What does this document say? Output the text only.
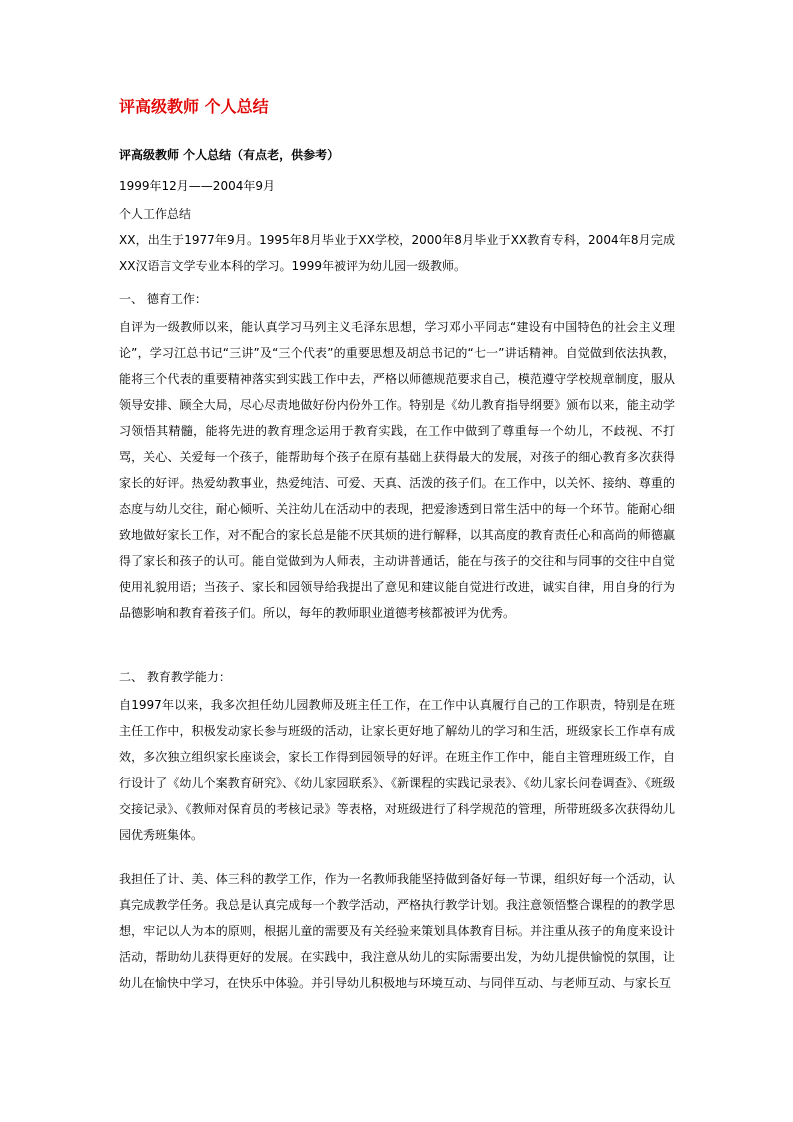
评高级教师 个人总结
评高级教师 个人总结（有点老，供参考）
1999年12月——2004年9月
个人工作总结
XX，出生于1977年9月。1995年8月毕业于XX学校，2000年8月毕业于XX教育专科，2004年8月完成XX汉语言文学专业本科的学习。1999年被评为幼儿园一级教师。
一、 德育工作：
自评为一级教师以来，能认真学习马列主义毛泽东思想，学习邓小平同志“建设有中国特色的社会主义理论”，学习江总书记“三讲”及“三个代表”的重要思想及胡总书记的“七一”讲话精神。自觉做到依法执教，能将三个代表的重要精神落实到实践工作中去，严格以师德规范要求自己，模范遵守学校规章制度，服从领导安排、顾全大局，尽心尽责地做好份内份外工作。特别是《幼儿教育指导纲要》颁布以来，能主动学习领悟其精髓，能将先进的教育理念运用于教育实践，在工作中做到了尊重每一个幼儿，不歧视、不打骂，关心、关爱每一个孩子，能帮助每个孩子在原有基础上获得最大的发展，对孩子的细心教育多次获得家长的好评。热爱幼教事业，热爱纯洁、可爱、天真、活泼的孩子们。在工作中，以关怀、接纳、尊重的态度与幼儿交往，耐心倾听、关注幼儿在活动中的表现，把爱渗透到日常生活中的每一个环节。能耐心细致地做好家长工作，对不配合的家长总是能不厌其烦的进行解释，以其高度的教育责任心和高尚的师德赢得了家长和孩子的认可。能自觉做到为人师表，主动讲普通话，能在与孩子的交往和与同事的交往中自觉使用礼貌用语；当孩子、家长和园领导给我提出了意见和建议能自觉进行改进，诚实自律，用自身的行为品德影响和教育着孩子们。所以，每年的教师职业道德考核都被评为优秀。
二、 教育教学能力：
自1997年以来，我多次担任幼儿园教师及班主任工作，在工作中认真履行自己的工作职责，特别是在班主任工作中，积极发动家长参与班级的活动，让家长更好地了解幼儿的学习和生活，班级家长工作卓有成效，多次独立组织家长座谈会，家长工作得到园领导的好评。在班主作工作中，能自主管理班级工作，自行设计了《幼儿个案教育研究》、《幼儿家园联系》、《新课程的实践记录表》、《幼儿家长问卷调查》、《班级交接记录》、《教师对保育员的考核记录》等表格，对班级进行了科学规范的管理，所带班级多次获得幼儿园优秀班集体。
我担任了计、美、体三科的教学工作，作为一名教师我能坚持做到备好每一节课，组织好每一个活动，认真完成教学任务。我总是认真完成每一个教学活动，严格执行教学计划。我注意领悟整合课程的的教学思想，牢记以人为本的原则，根据儿童的需要及有关经验来策划具体教育目标。并注重从孩子的角度来设计活动，帮助幼儿获得更好的发展。在实践中，我注意从幼儿的实际需要出发，为幼儿提供愉悦的氛围，让幼儿在愉快中学习，在快乐中体验。并引导幼儿积极地与环境互动、与同伴互动、与老师互动、与家长互
